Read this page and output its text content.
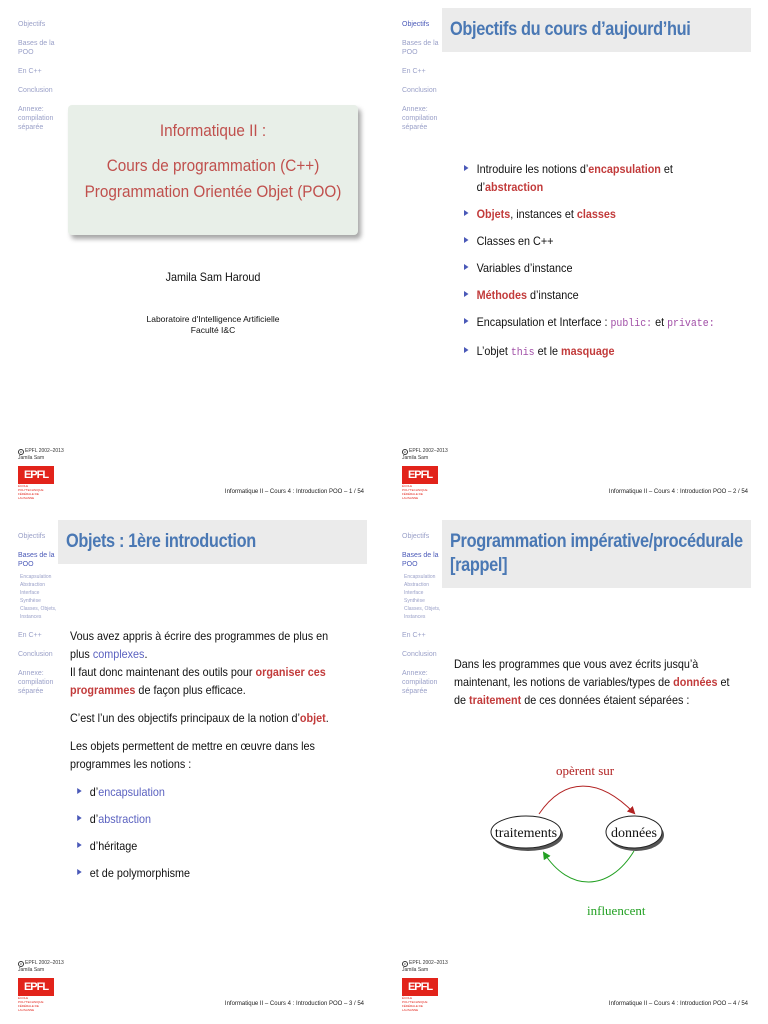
Objectifs
Bases de la POO
En C++
Conclusion
Annexe: compilation séparée	Informatique II :
Cours de programmation (C++)
Programmation Orientée Objet (POO)
Jamila Sam Haroud
Laboratoire d'Intelligence Artificielle
Faculté I&C
c EPFL 2002–2013
Jamila Sam
EPFL
ÉCOLE POLYTECHNIQUE FÉDÉRALE DE LAUSANNE
Informatique II – Cours 4 : Introduction POO – 1 / 54
Objectifs
Bases de la POO
En C++
Conclusion
Annexe: compilation séparée
Objectifs du cours d’aujourd’hui
Introduire les notions d’encapsulation et d’abstraction
Objets, instances et classes
Classes en C++
Variables d’instance
Méthodes d’instance
Encapsulation et Interface : public: et private:
L’objet this et le masquage
c EPFL 2002–2013
Jamila Sam
EPFL
ÉCOLE POLYTECHNIQUE FÉDÉRALE DE LAUSANNE
Informatique II – Cours 4 : Introduction POO – 2 / 54
Objectifs
Bases de la POO
Encapsulation
Abstraction
Interface
Synthèse
Classes, Objets, Instances
En C++
Conclusion
Annexe: compilation séparée
Objets : 1ère introduction
Vous avez appris à écrire des programmes de plus en plus complexes.
Il faut donc maintenant des outils pour organiser ces programmes de façon plus efficace.
C’est l’un des objectifs principaux de la notion d’objet.
Les objets permettent de mettre en œuvre dans les programmes les notions :
d’encapsulation
d’abstraction
d’héritage
et de polymorphisme
c EPFL 2002–2013
Jamila Sam
EPFL
ÉCOLE POLYTECHNIQUE FÉDÉRALE DE LAUSANNE
Informatique II – Cours 4 : Introduction POO – 3 / 54
Objectifs
Bases de la POO
Encapsulation
Abstraction
Interface
Synthèse
Classes, Objets, Instances
En C++
Conclusion
Annexe: compilation séparée
Programmation impérative/procédurale
[rappel]
Dans les programmes que vous avez écrits jusqu’à maintenant, les notions de variables/types de données et de traitement de ces données étaient séparées :
traitements	données
opèrent sur
influencent
c EPFL 2002–2013
Jamila Sam
EPFL
ÉCOLE POLYTECHNIQUE FÉDÉRALE DE LAUSANNE
Informatique II – Cours 4 : Introduction POO – 4 / 54
